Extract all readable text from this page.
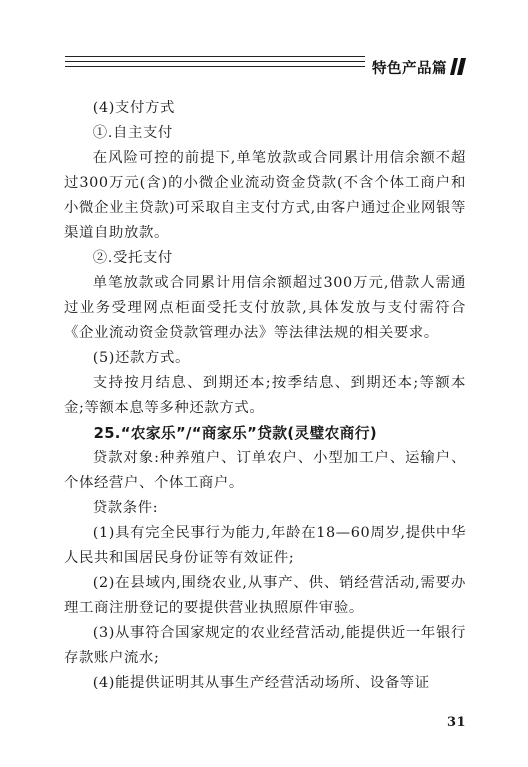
特色产品篇

(4)支付方式

①.自主支付

在风险可控的前提下,单笔放款或合同累计用信余额不超过300万元(含)的小微企业流动资金贷款(不含个体工商户和小微企业主贷款)可采取自主支付方式,由客户通过企业网银等渠道自助放款。

②.受托支付

单笔放款或合同累计用信余额超过300万元,借款人需通过业务受理网点柜面受托支付放款,具体发放与支付需符合《企业流动资金贷款管理办法》等法律法规的相关要求。

(5)还款方式。

支持按月结息、到期还本;按季结息、到期还本;等额本金;等额本息等多种还款方式。

25.“农家乐”/“商家乐”贷款(灵璧农商行)

贷款对象:种养殖户、订单农户、小型加工户、运输户、个体经营户、个体工商户。

贷款条件:

(1)具有完全民事行为能力,年龄在18—60周岁,提供中华人民共和国居民身份证等有效证件;

(2)在县域内,围绕农业,从事产、供、销经营活动,需要办理工商注册登记的要提供营业执照原件审验。

(3)从事符合国家规定的农业经营活动,能提供近一年银行存款账户流水;

(4)能提供证明其从事生产经营活动场所、设备等证

31
